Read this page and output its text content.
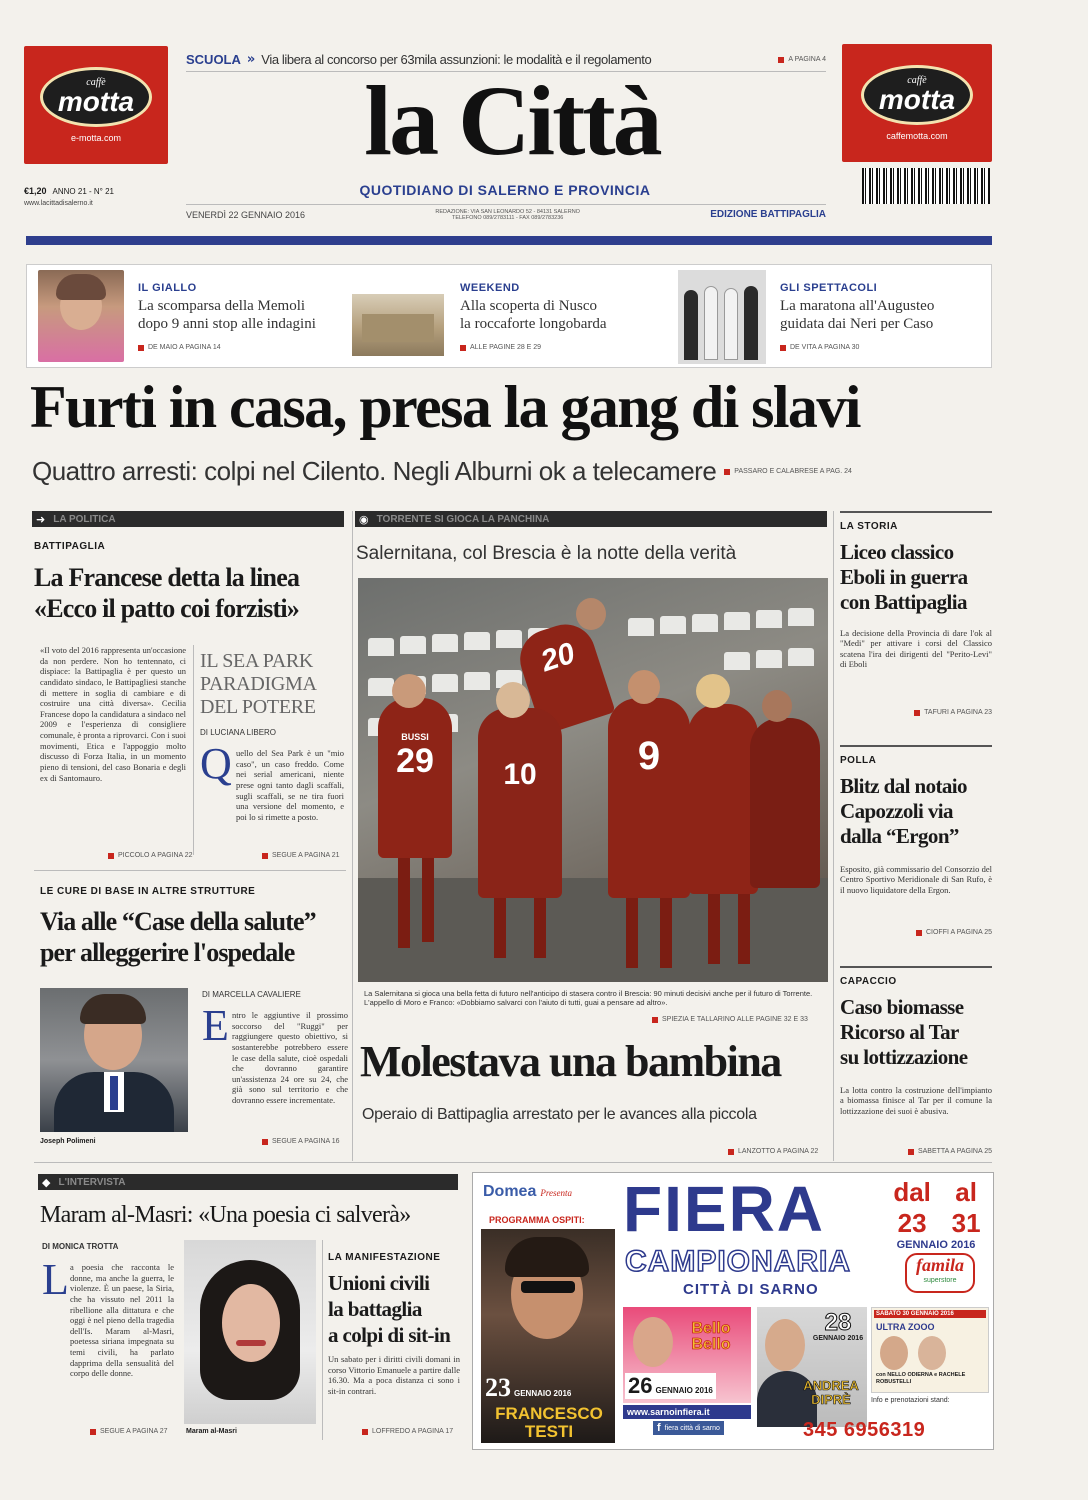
caffè
motta
e-motta.com
caffè
motta
caffemotta.com
SCUOLA » Via libera al concorso per 63mila assunzioni: le modalità e il regolamento	A PAGINA 4
la Città
QUOTIDIANO DI SALERNO E PROVINCIA
€1,20 ANNO 21 - N° 21
www.lacittadisalerno.it
VENERDÌ 22 GENNAIO 2016	REDAZIONE: VIA SAN LEONARDO 52 - 84131 SALERNO
TELEFONO 089/2783111 - FAX 089/2783236	EDIZIONE BATTIPAGLIA
IL GIALLO
La scomparsa della Memoli
dopo 9 anni stop alle indagini
DE MAIO A PAGINA 14
WEEKEND
Alla scoperta di Nusco
la roccaforte longobarda
ALLE PAGINE 28 E 29
GLI SPETTACOLI
La maratona all'Augusteo
guidata dai Neri per Caso
DE VITA A PAGINA 30
Furti in casa, presa la gang di slavi
Quattro arresti: colpi nel Cilento. Negli Alburni ok a telecamere	PASSARO E CALABRESE A PAG. 24
➜ LA POLITICA
BATTIPAGLIA
La Francese detta la linea
«Ecco il patto coi forzisti»
«Il voto del 2016 rappresenta un'occasione da non perdere. Non ho tentennato, ci dispiace: la Battipaglia è per questo un candidato sindaco, le Battipagliesi stanche di mettere in soglia di cambiare e di costruire una città diversa». Cecilia Francese dopo la candidatura a sindaco nel 2009 e l'esperienza di consigliere comunale, è pronta a riprovarci. Con i suoi movimenti, Etica e l'appoggio molto discusso di Forza Italia, in un momento pieno di tensioni, del caso Bonaria e degli ex di Santomauro.
PICCOLO A PAGINA 22
IL SEA PARK
PARADIGMA
DEL POTERE
DI LUCIANA LIBERO
Q uello del Sea Park è un "mio caso", un caso freddo. Come nei serial americani, niente prese ogni tanto dagli scaffali, sugli scaffali, se ne tira fuori una versione del momento, e poi lo si rimette a posto.
SEGUE A PAGINA 21
LE CURE DI BASE IN ALTRE STRUTTURE
Via alle “Case della salute”
per alleggerire l'ospedale
Joseph Polimeni
DI MARCELLA CAVALIERE
E ntro le aggiuntive il prossimo soccorso del "Ruggi" per raggiungere questo obiettivo, si sostanterebbe potrebbero essere le case della salute, cioè ospedali che dovranno garantire un'assistenza 24 ore su 24, che già sono sul territorio e che dovranno essere incrementate.
SEGUE A PAGINA 16
◉ TORRENTE SI GIOCA LA PANCHINA
Salernitana, col Brescia è la notte della verità
BUSSI
29
20
10	9
La Salernitana si gioca una bella fetta di futuro nell'anticipo di stasera contro il Brescia: 90 minuti decisivi anche per il futuro di Torrente. L'appello di Moro e Franco: «Dobbiamo salvarci con l'aiuto di tutti, guai a pensare ad altro».
SPIEZIA E TALLARINO ALLE PAGINE 32 E 33
Molestava una bambina
Operaio di Battipaglia arrestato per le avances alla piccola
LANZOTTO A PAGINA 22
LA STORIA
Liceo classico
Eboli in guerra
con Battipaglia
La decisione della Provincia di dare l'ok al "Medi" per attivare i corsi del Classico scatena l'ira dei dirigenti del "Perito-Levi" di Eboli
TAFURI A PAGINA 23
POLLA
Blitz dal notaio
Capozzoli via
dalla “Ergon”
Esposito, già commissario del Consorzio del Centro Sportivo Meridionale di San Rufo, è il nuovo liquidatore della Ergon.
CIOFFI A PAGINA 25
CAPACCIO
Caso biomasse
Ricorso al Tar
su lottizzazione
La lotta contro la costruzione dell'impianto a biomassa finisce al Tar per il comune la lottizzazione dei suoi è abusiva.
SABETTA A PAGINA 25
◆ L'INTERVISTA
Maram al-Masri: «Una poesia ci salverà»
DI MONICA TROTTA
L a poesia che racconta le donne, ma anche la guerra, le violenze. È un paese, la Siria, che ha vissuto nel 2011 la ribellione alla dittatura e che oggi è nel pieno della tragedia dell'Is. Maram al-Masri, poetessa siriana impegnata su temi civili, ha parlato dapprima della sensualità del corpo delle donne.
SEGUE A PAGINA 27	Maram al-Masri
LA MANIFESTAZIONE
Unioni civili
la battaglia
a colpi di sit-in
Un sabato per i diritti civili domani in corso Vittorio Emanuele a partire dalle 16.30. Ma a poca distanza ci sono i sit-in contrari.
LOFFREDO A PAGINA 17
Domea Presenta
PROGRAMMA OSPITI:
23 GENNAIO 2016
FRANCESCO
TESTI
FIERA
CAMPIONARIA
CITTÀ DI SARNO
dal 23
al 31
GENNAIO 2016
famila
superstore
Bello Bello
26 GENNAIO 2016
www.sarnoinfiera.it
f fiera città di sarno
28
GENNAIO 2016
ANDREA
DIPRÈ
SABATO 30 GENNAIO 2016
ULTRA ZOOO
con NELLO ODIERNA e RACHELE ROBUSTELLI
Info e prenotazioni stand:
345 6956319
